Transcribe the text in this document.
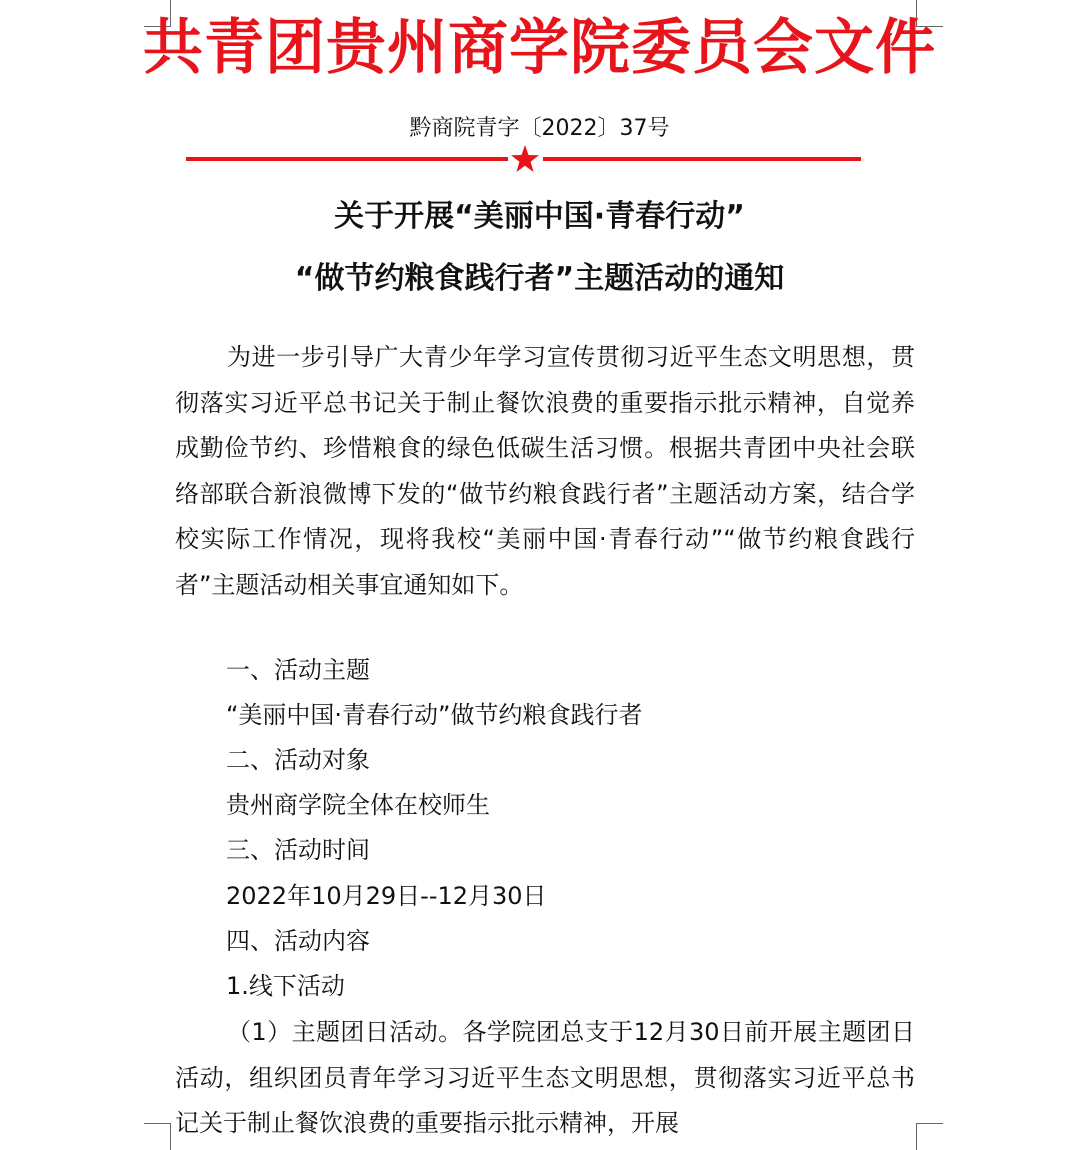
共青团贵州商学院委员会文件
黔商院青字〔2022〕37号
关于开展“美丽中国·青春行动”
“做节约粮食践行者”主题活动的通知

为进一步引导广大青少年学习宣传贯彻习近平生态文明思想，贯彻落实习近平总书记关于制止餐饮浪费的重要指示批示精神，自觉养成勤俭节约、珍惜粮食的绿色低碳生活习惯。根据共青团中央社会联络部联合新浪微博下发的“做节约粮食践行者”主题活动方案，结合学校实际工作情况，现将我校“美丽中国·青春行动”“做节约粮食践行者”主题活动相关事宜通知如下。

一、活动主题
“美丽中国·青春行动”做节约粮食践行者
二、活动对象
贵州商学院全体在校师生
三、活动时间
2022年10月29日--12月30日
四、活动内容
1.线下活动

（1）主题团日活动。各学院团总支于12月30日前开展主题团日活动，组织团员青年学习习近平生态文明思想，贯彻落实习近平总书记关于制止餐饮浪费的重要指示批示精神，开展
